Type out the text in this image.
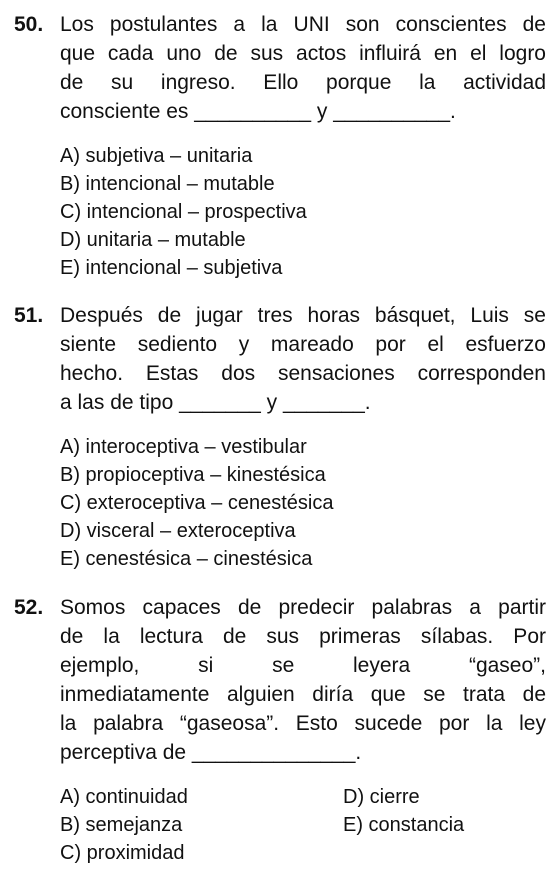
50. Los postulantes a la UNI son conscientes de
que cada uno de sus actos influirá en el logro
de su ingreso. Ello porque la actividad
consciente es __________ y __________.
A) subjetiva – unitaria
B) intencional – mutable
C) intencional – prospectiva
D) unitaria – mutable
E) intencional – subjetiva
51. Después de jugar tres horas básquet, Luis se
siente sediento y mareado por el esfuerzo
hecho. Estas dos sensaciones corresponden
a las de tipo _______ y _______.
A) interoceptiva – vestibular
B) propioceptiva – kinestésica
C) exteroceptiva – cenestésica
D) visceral – exteroceptiva
E) cenestésica – cinestésica
52. Somos capaces de predecir palabras a partir
de la lectura de sus primeras sílabas. Por
ejemplo,      si      se      leyera      “gaseo”,
inmediatamente alguien diría que se trata de
la palabra “gaseosa”. Esto sucede por la ley
perceptiva de ______________.
A) continuidad	D) cierre
B) semejanza	E) constancia
C) proximidad
